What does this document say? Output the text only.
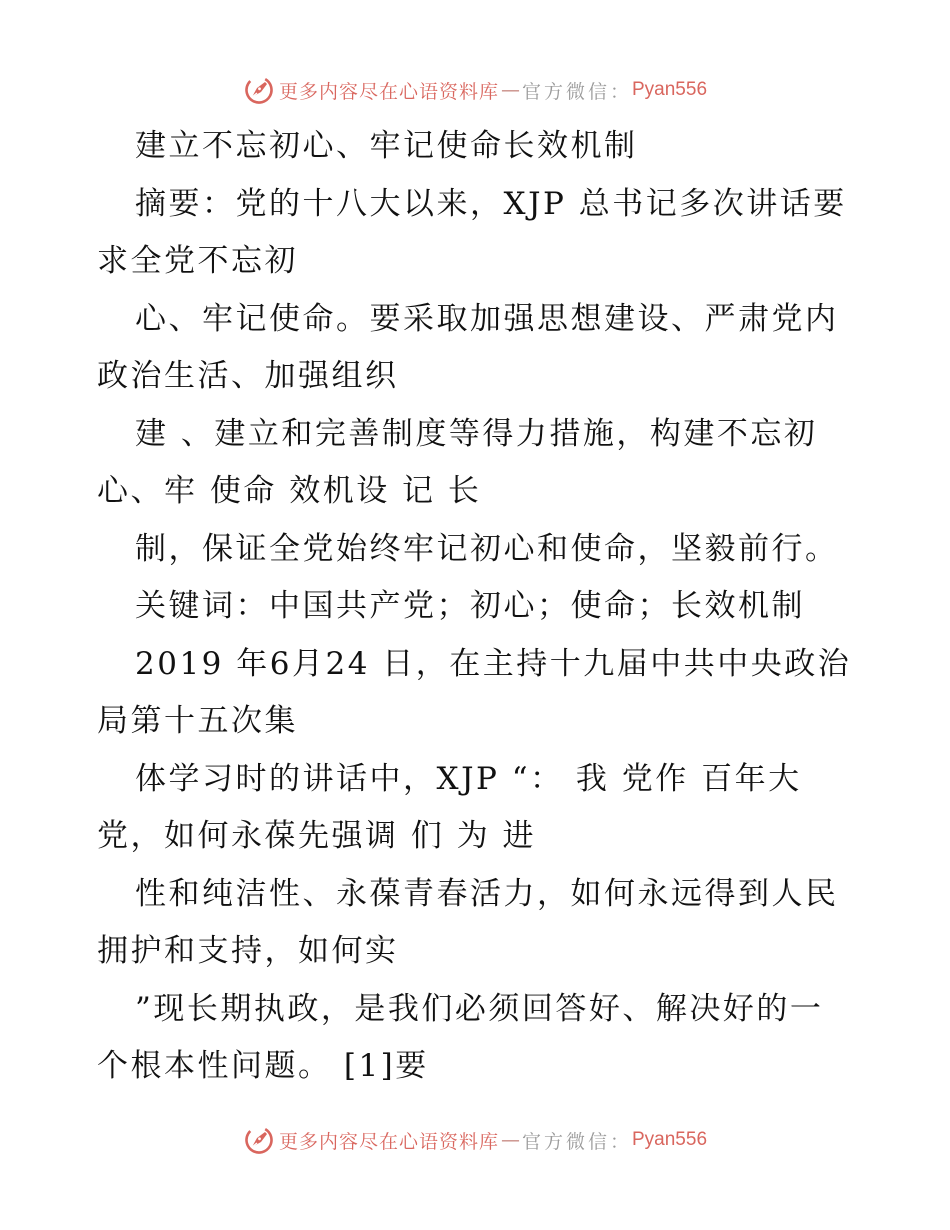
更多内容尽在心语资料库 — 官方微信： Pyan556
建立不忘初心、牢记使命长效机制
摘要：党的十八大以来，XJP 总书记多次讲话要
求全党不忘初
心、牢记使命。要采取加强思想建设、严肃党内
政治生活、加强组织
建 、建立和完善制度等得力措施，构建不忘初
心、牢 使命 效机设 记 长
制，保证全党始终牢记初心和使命，坚毅前行。
关键词：中国共产党；初心；使命；长效机制
2019 年6月24 日，在主持十九届中共中央政治
局第十五次集
体学习时的讲话中，XJP “： 我 党作 百年大
党，如何永葆先强调 们 为 进
性和纯洁性、永葆青春活力，如何永远得到人民
拥护和支持，如何实
”现长期执政，是我们必须回答好、解决好的一
个根本性问题。 [1]要
更多内容尽在心语资料库 — 官方微信： Pyan556
